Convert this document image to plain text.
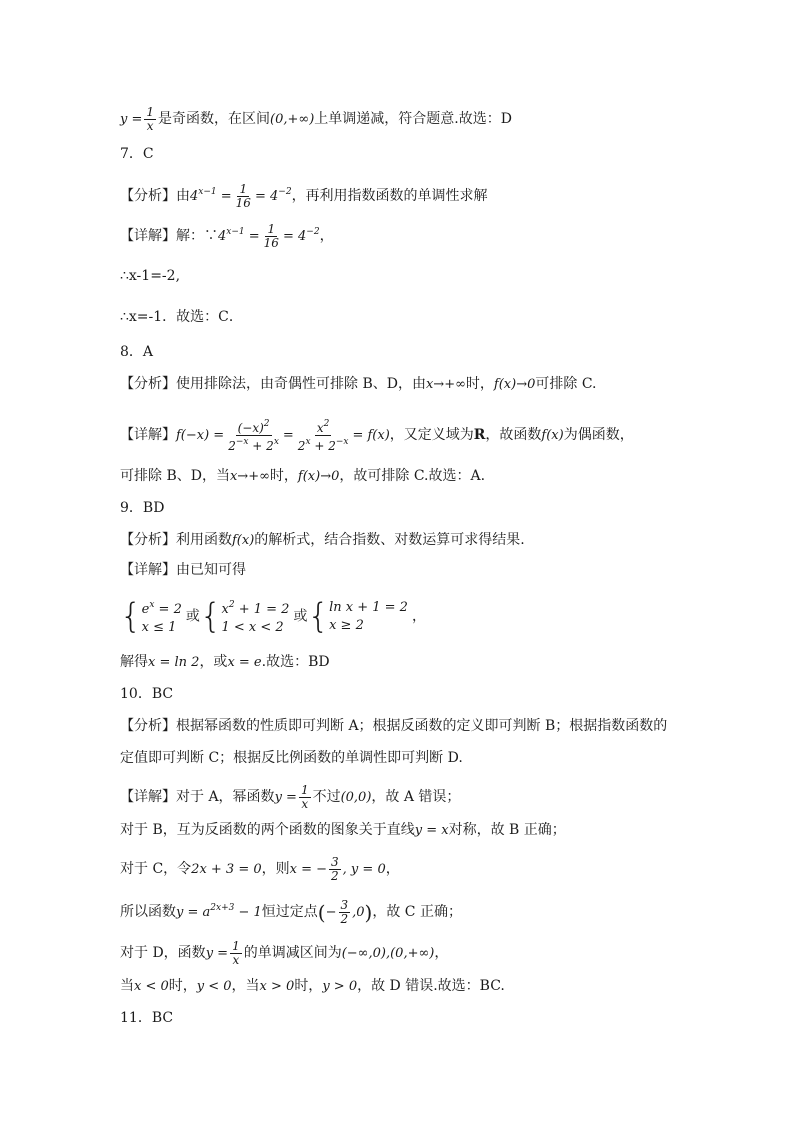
$y = \frac{1}{x}$ 是奇函数，在区间(0,+∞)上单调递减，符合题意.故选：D
7．C
【分析】由$4^{x-1} = \frac{1}{16} = 4^{-2}$，再利用指数函数的单调性求解
【详解】解：$\because 4^{x-1} = \frac{1}{16} = 4^{-2}$，
∴x-1=-2,
∴x=-1．故选：C．
8．A
【分析】使用排除法，由奇偶性可排除 B、D，由x→+∞时，f(x)→0可排除 C.
【详解】$f(-x) = \frac{(-x)^2}{2^{-x} + 2^x} = \frac{x^2}{2^x + 2^{-x}} = f(x)$，又定义域为R，故函数f(x)为偶函数，
可排除 B、D，当x→+∞时，f(x)→0，故可排除 C.故选：A.
9．BD
【分析】利用函数f(x)的解析式，结合指数、对数运算可求得结果.
【详解】由已知可得
{ $e^x = 2$
x ≤ 1
或{ $x^2 + 1 = 2$
1 < x < 2
或{ ln x + 1 = 2
x ≥ 2
，
解得x = ln 2，或x = e.故选：BD
10．BC
【分析】根据幂函数的性质即可判断 A；根据反函数的定义即可判断 B；根据指数函数的
定值即可判断 C；根据反比例函数的单调性即可判断 D.
【详解】对于 A，幂函数$y = \frac{1}{x}$ 不过(0,0)，故 A 错误；
对于 B，互为反函数的两个函数的图象关于直线y = x对称，故 B 正确；
对于 C，令2x + 3 = 0，则x = − $\frac{3}{2}$ , y = 0，
所以函数$y = a^{2x+3} - 1$恒过定点(− $\frac{3}{2} ,0$)，故 C 正确；
对于 D，函数$y = \frac{1}{x}$ 的单调减区间为(−∞,0),(0,+∞)，
当x < 0时，y < 0，当x > 0时，y > 0，故 D 错误.故选：BC.
11．BC
